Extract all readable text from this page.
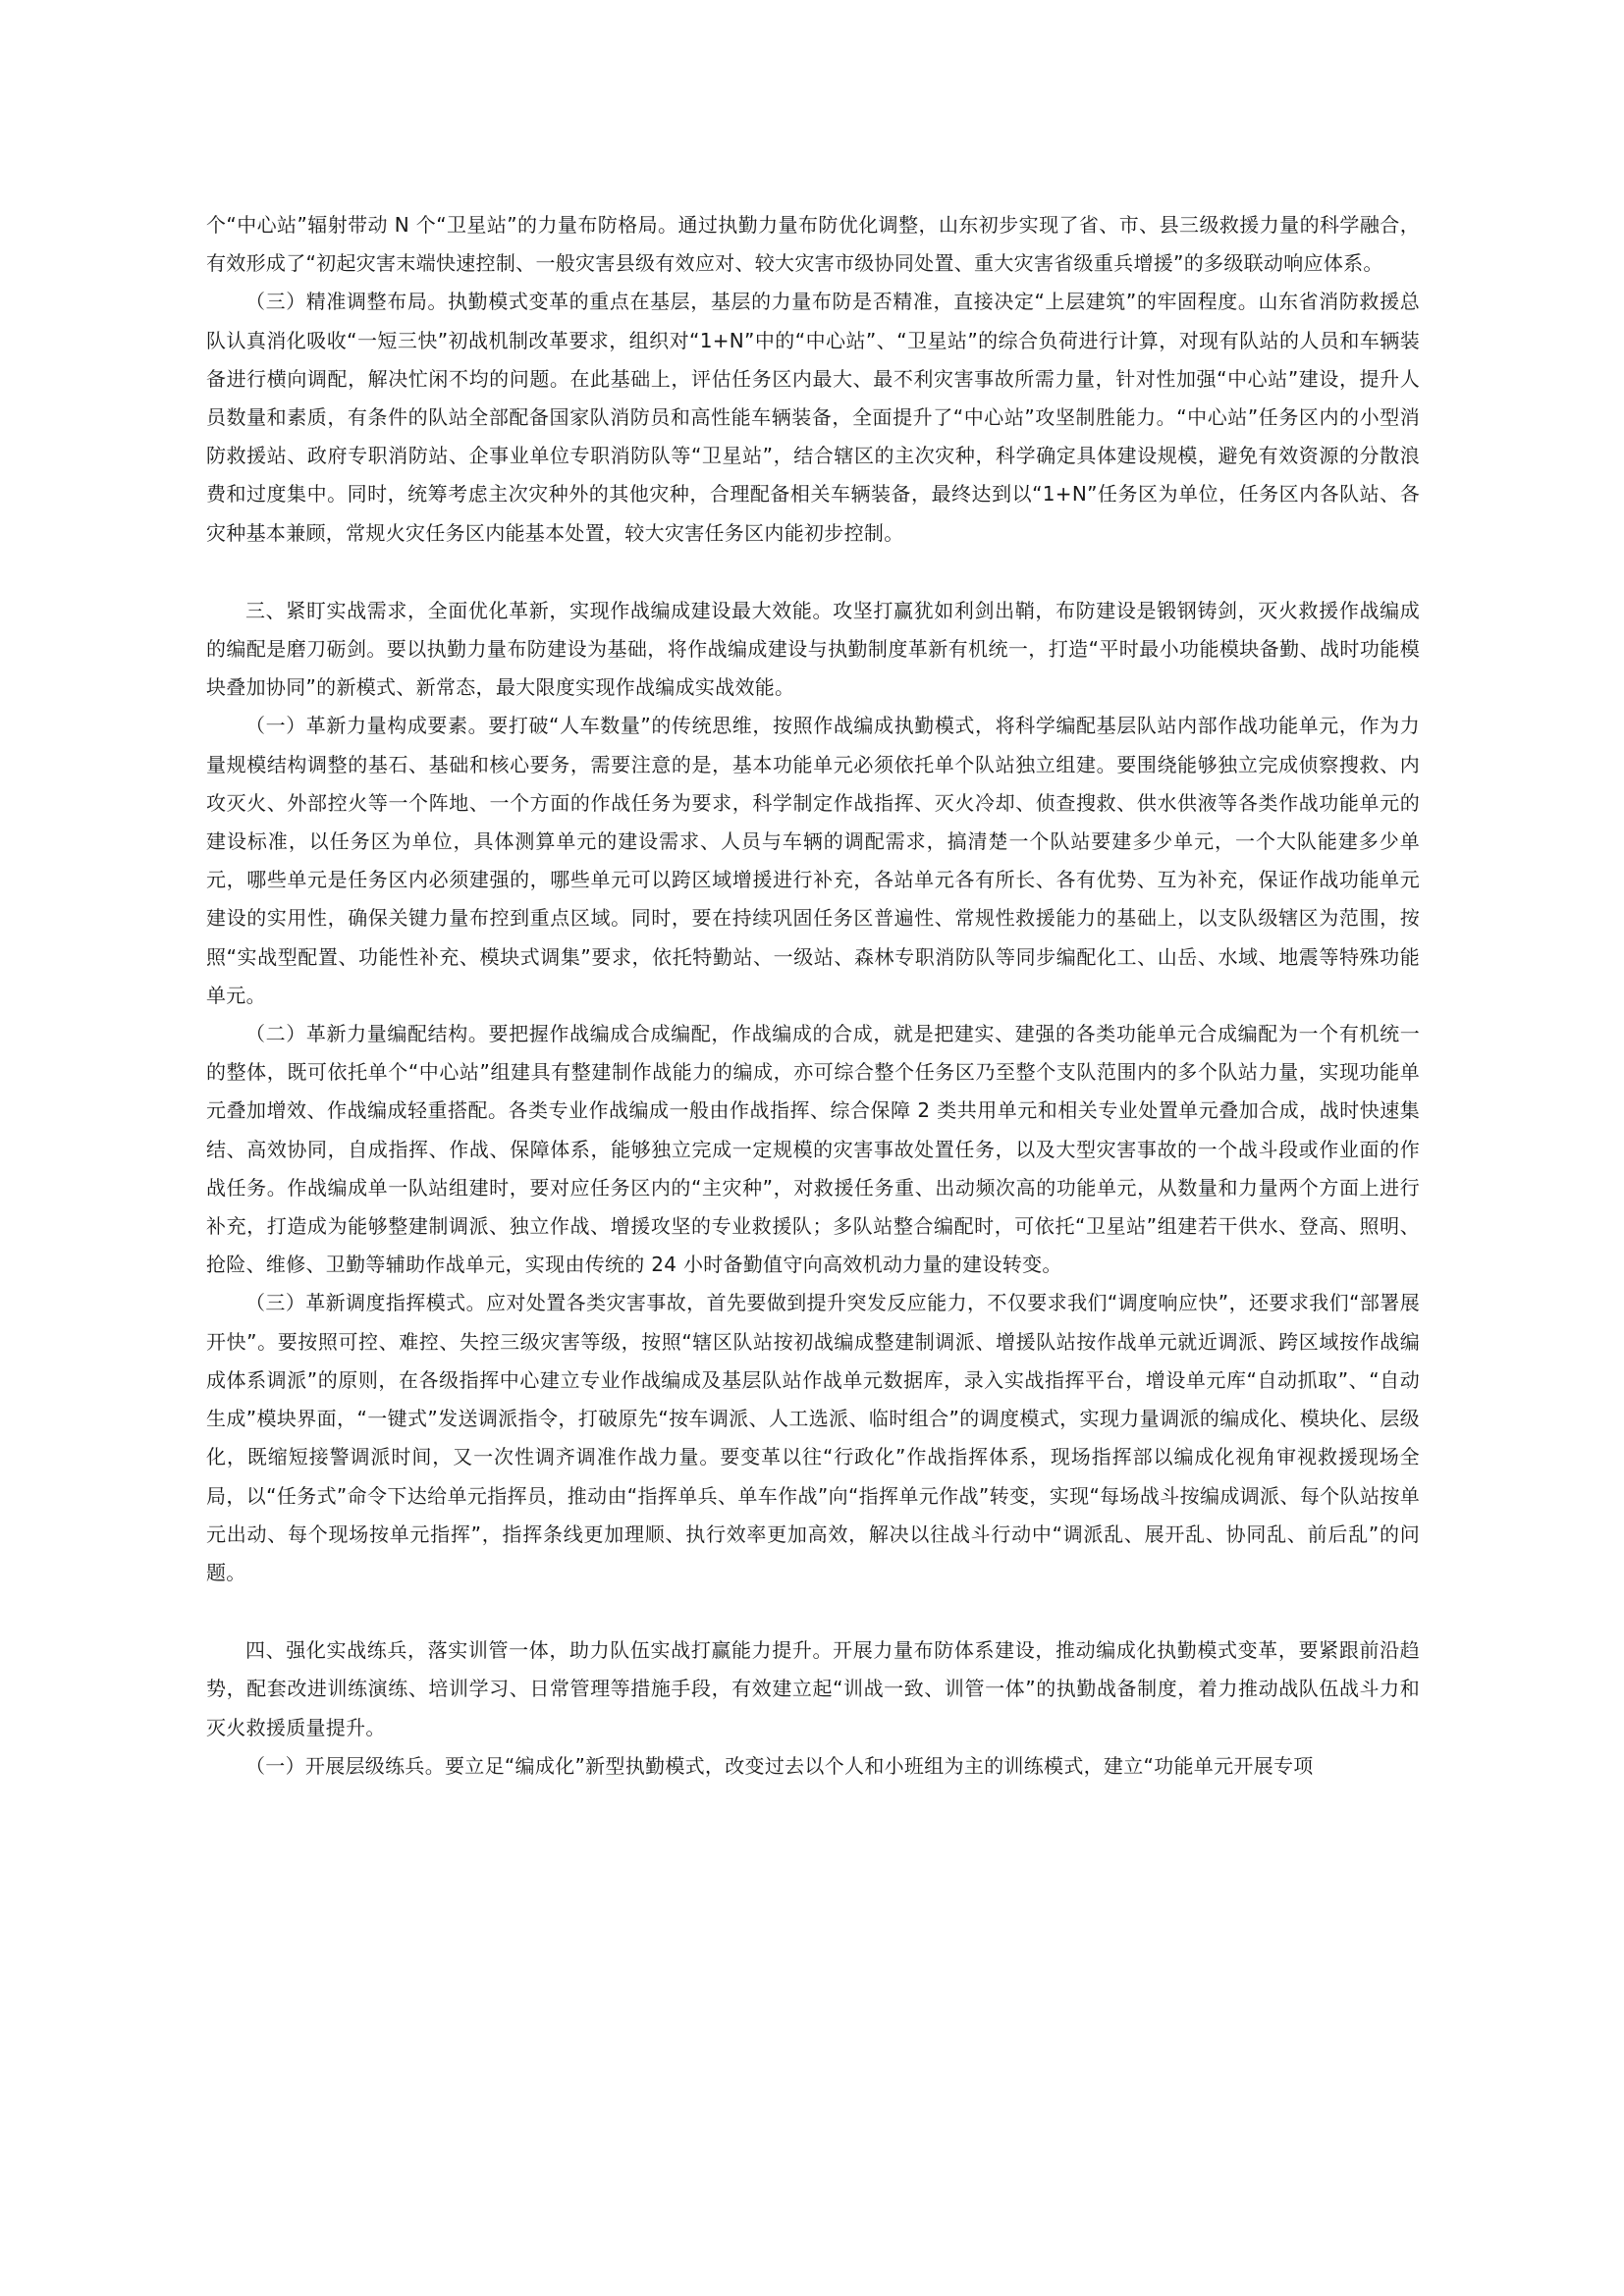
个“中心站”辐射带动 N 个“卫星站”的力量布防格局。通过执勤力量布防优化调整，山东初步实现了省、市、县三级救援力量的科学融合，有效形成了“初起灾害末端快速控制、一般灾害县级有效应对、较大灾害市级协同处置、重大灾害省级重兵增援”的多级联动响应体系。

（三）精准调整布局。执勤模式变革的重点在基层，基层的力量布防是否精准，直接决定“上层建筑”的牢固程度。山东省消防救援总队认真消化吸收“一短三快”初战机制改革要求，组织对“1+N”中的“中心站”、“卫星站”的综合负荷进行计算，对现有队站的人员和车辆装备进行横向调配，解决忙闲不均的问题。在此基础上，评估任务区内最大、最不利灾害事故所需力量，针对性加强“中心站”建设，提升人员数量和素质，有条件的队站全部配备国家队消防员和高性能车辆装备，全面提升了“中心站”攻坚制胜能力。“中心站”任务区内的小型消防救援站、政府专职消防站、企事业单位专职消防队等“卫星站”，结合辖区的主次灾种，科学确定具体建设规模，避免有效资源的分散浪费和过度集中。同时，统筹考虑主次灾种外的其他灾种，合理配备相关车辆装备，最终达到以“1+N”任务区为单位，任务区内各队站、各灾种基本兼顾，常规火灾任务区内能基本处置，较大灾害任务区内能初步控制。

三、紧盯实战需求，全面优化革新，实现作战编成建设最大效能。攻坚打赢犹如利剑出鞘，布防建设是锻钢铸剑，灭火救援作战编成的编配是磨刀砺剑。要以执勤力量布防建设为基础，将作战编成建设与执勤制度革新有机统一，打造“平时最小功能模块备勤、战时功能模块叠加协同”的新模式、新常态，最大限度实现作战编成实战效能。

（一）革新力量构成要素。要打破“人车数量”的传统思维，按照作战编成执勤模式，将科学编配基层队站内部作战功能单元，作为力量规模结构调整的基石、基础和核心要务，需要注意的是，基本功能单元必须依托单个队站独立组建。要围绕能够独立完成侦察搜救、内攻灭火、外部控火等一个阵地、一个方面的作战任务为要求，科学制定作战指挥、灭火冷却、侦查搜救、供水供液等各类作战功能单元的建设标准，以任务区为单位，具体测算单元的建设需求、人员与车辆的调配需求，搞清楚一个队站要建多少单元，一个大队能建多少单元，哪些单元是任务区内必须建强的，哪些单元可以跨区域增援进行补充，各站单元各有所长、各有优势、互为补充，保证作战功能单元建设的实用性，确保关键力量布控到重点区域。同时，要在持续巩固任务区普遍性、常规性救援能力的基础上，以支队级辖区为范围，按照“实战型配置、功能性补充、模块式调集”要求，依托特勤站、一级站、森林专职消防队等同步编配化工、山岳、水域、地震等特殊功能单元。

（二）革新力量编配结构。要把握作战编成合成编配，作战编成的合成，就是把建实、建强的各类功能单元合成编配为一个有机统一的整体，既可依托单个“中心站”组建具有整建制作战能力的编成，亦可综合整个任务区乃至整个支队范围内的多个队站力量，实现功能单元叠加增效、作战编成轻重搭配。各类专业作战编成一般由作战指挥、综合保障 2 类共用单元和相关专业处置单元叠加合成，战时快速集结、高效协同，自成指挥、作战、保障体系，能够独立完成一定规模的灾害事故处置任务，以及大型灾害事故的一个战斗段或作业面的作战任务。作战编成单一队站组建时，要对应任务区内的“主灾种”，对救援任务重、出动频次高的功能单元，从数量和力量两个方面上进行补充，打造成为能够整建制调派、独立作战、增援攻坚的专业救援队；多队站整合编配时，可依托“卫星站”组建若干供水、登高、照明、抢险、维修、卫勤等辅助作战单元，实现由传统的 24 小时备勤值守向高效机动力量的建设转变。

（三）革新调度指挥模式。应对处置各类灾害事故，首先要做到提升突发反应能力，不仅要求我们“调度响应快”，还要求我们“部署展开快”。要按照可控、难控、失控三级灾害等级，按照“辖区队站按初战编成整建制调派、增援队站按作战单元就近调派、跨区域按作战编成体系调派”的原则，在各级指挥中心建立专业作战编成及基层队站作战单元数据库，录入实战指挥平台，增设单元库“自动抓取”、“自动生成”模块界面，“一键式”发送调派指令，打破原先“按车调派、人工选派、临时组合”的调度模式，实现力量调派的编成化、模块化、层级化，既缩短接警调派时间，又一次性调齐调准作战力量。要变革以往“行政化”作战指挥体系，现场指挥部以编成化视角审视救援现场全局，以“任务式”命令下达给单元指挥员，推动由“指挥单兵、单车作战”向“指挥单元作战”转变，实现“每场战斗按编成调派、每个队站按单元出动、每个现场按单元指挥”，指挥条线更加理顺、执行效率更加高效，解决以往战斗行动中“调派乱、展开乱、协同乱、前后乱”的问题。

四、强化实战练兵，落实训管一体，助力队伍实战打赢能力提升。开展力量布防体系建设，推动编成化执勤模式变革，要紧跟前沿趋势，配套改进训练演练、培训学习、日常管理等措施手段，有效建立起“训战一致、训管一体”的执勤战备制度，着力推动战队伍战斗力和灭火救援质量提升。

（一）开展层级练兵。要立足“编成化”新型执勤模式，改变过去以个人和小班组为主的训练模式，建立“功能单元开展专项
